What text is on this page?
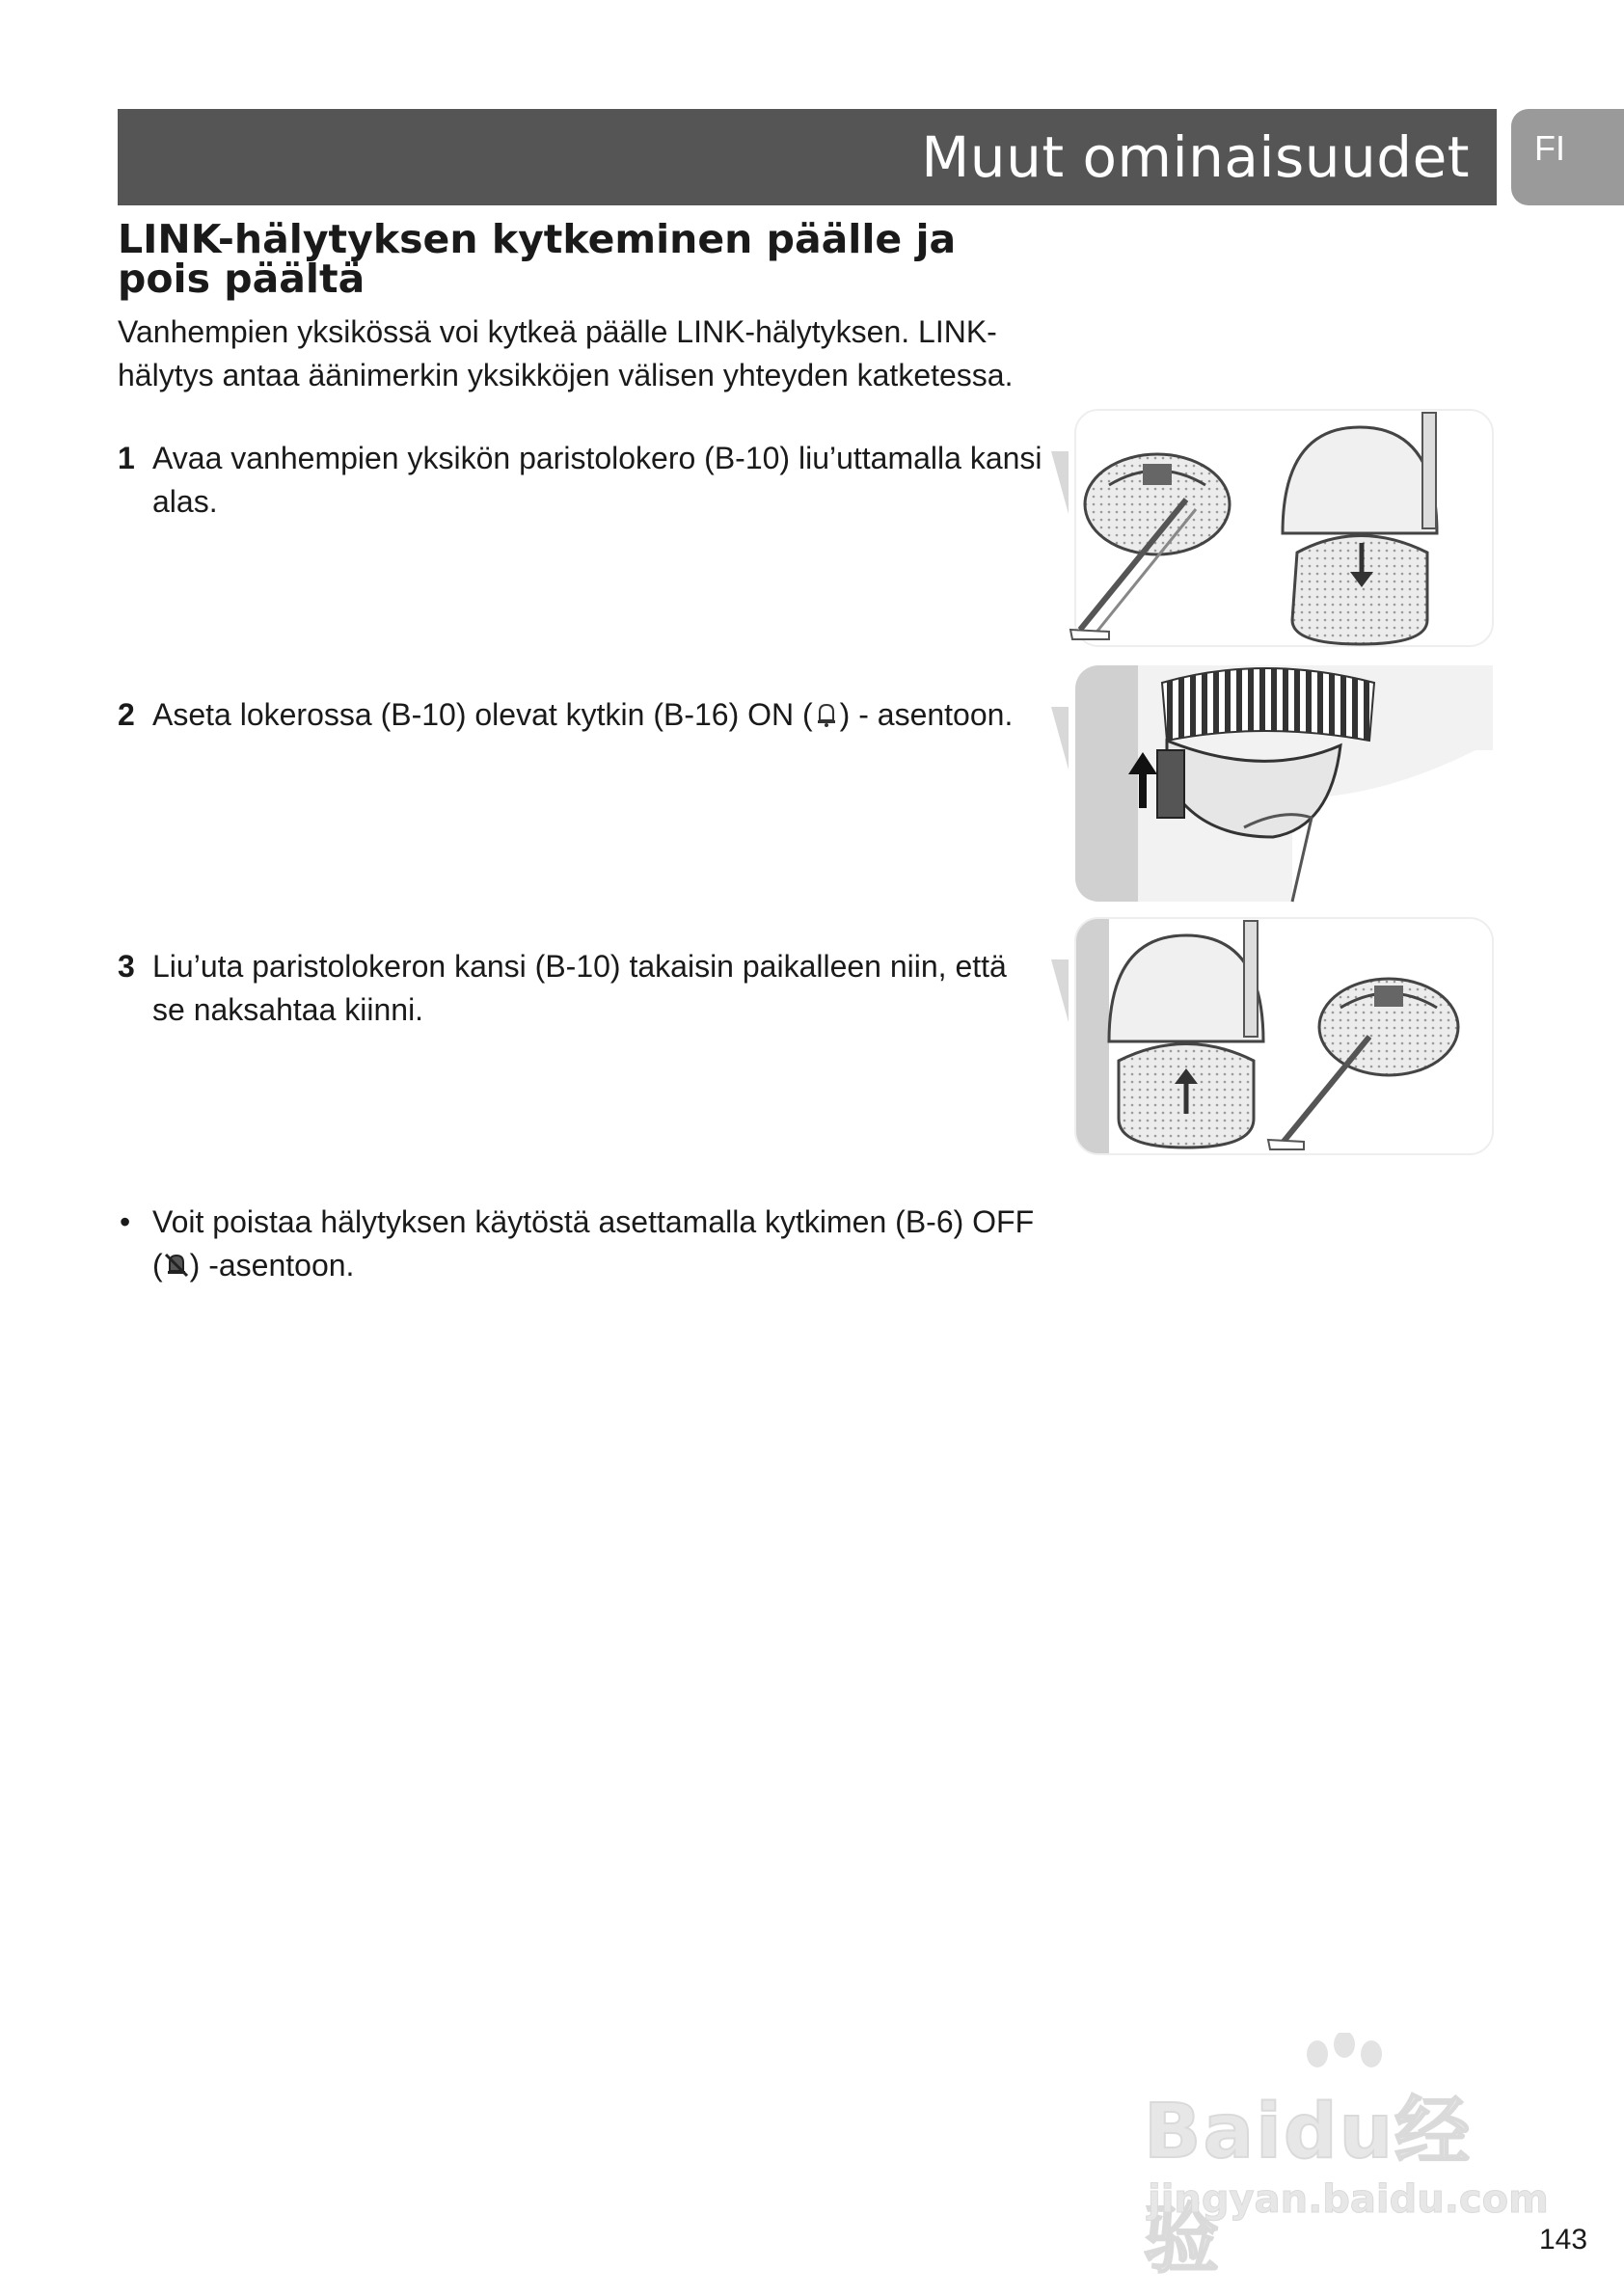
Muut ominaisuudet FI
LINK-hälytyksen kytkeminen päälle ja pois päältä

Vanhempien yksikössä voi kytkeä päälle LINK-hälytyksen. LINK-hälytys antaa äänimerkin yksikköjen välisen yhteyden katketessa.

1 Avaa vanhempien yksikön paristolokero (B-10) liu’uttamalla kansi alas.
2 Aseta lokerossa (B-10) olevat kytkin (B-16) ON ( ) - asentoon.
3 Liu’uta paristolokeron kansi (B-10) takaisin paikalleen niin, että se naksahtaa kiinni.
• Voit poistaa hälytyksen käytöstä asettamalla kytkimen (B-6) OFF ( ) -asentoon.
Baidu经验
jingyan.baidu.com
143
